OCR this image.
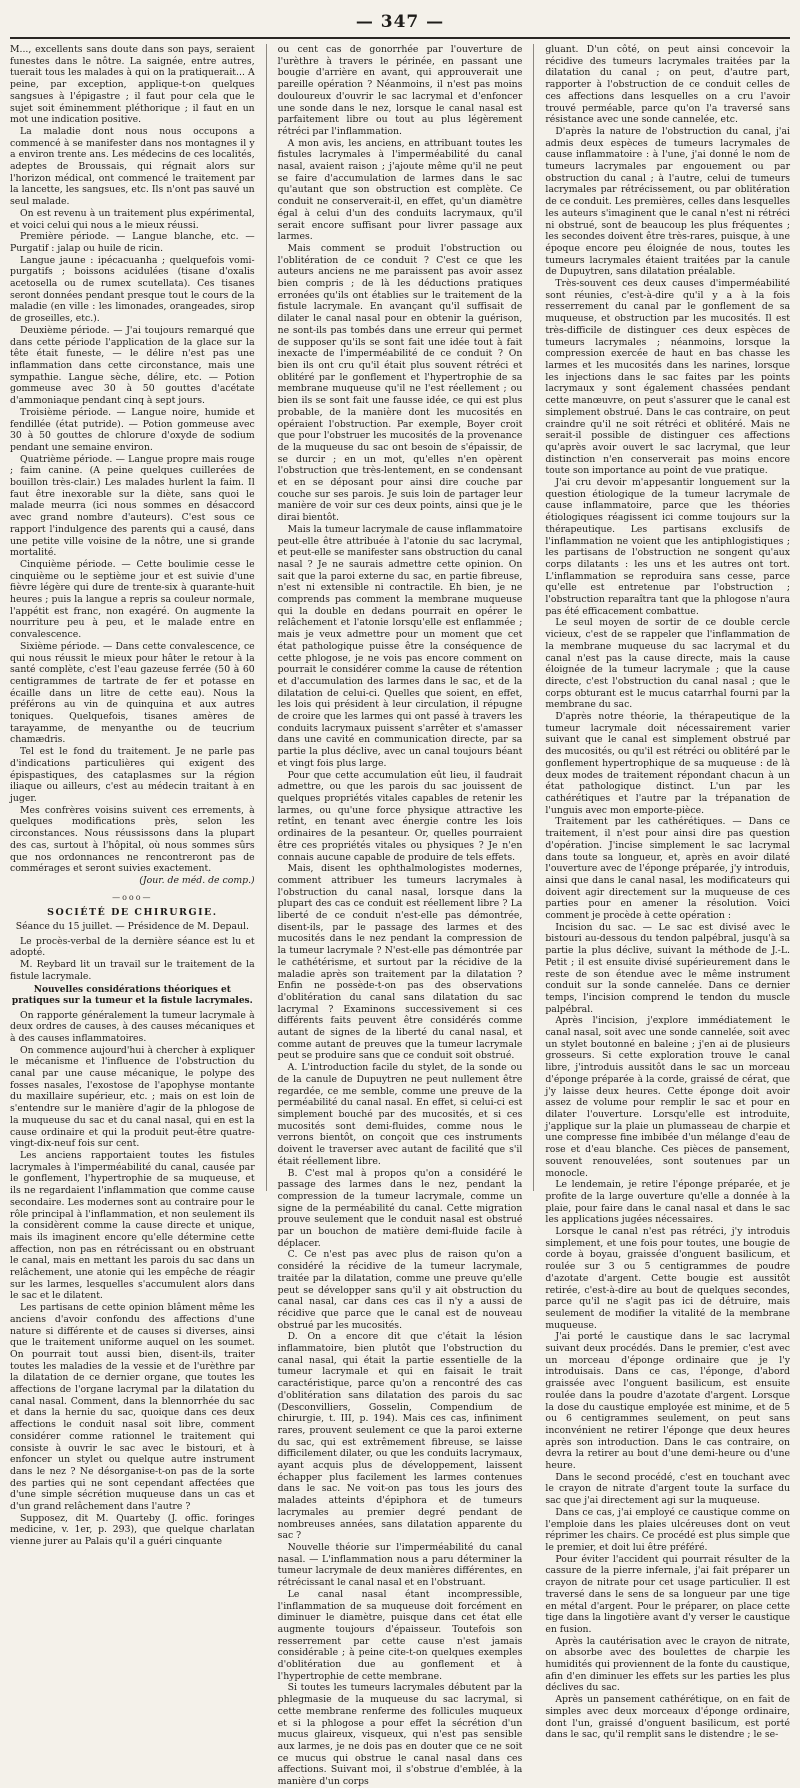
— 347 —

M..., excellents sans doute dans son pays, seraient funestes dans le nôtre. La saignée, entre autres, tuerait tous les malades à qui on la pratiquerait... A peine, par exception, applique-t-on quelques sangsues à l'épigastre ; il faut pour cela que le sujet soit éminemment pléthorique ; il faut en un mot une indication positive.

La maladie dont nous nous occupons a commencé à se manifester dans nos montagnes il y a environ trente ans. Les médecins de ces localités, adeptes de Broussais, qui régnait alors sur l'horizon médical, ont commencé le traitement par la lancette, les sangsues, etc. Ils n'ont pas sauvé un seul malade.

On est revenu à un traitement plus expérimental, et voici celui qui nous a le mieux réussi.

Première période. — Langue blanche, etc. — Purgatif : jalap ou huile de ricin.

Langue jaune : ipécacuanha ; quelquefois vomi-purgatifs ; boissons acidulées (tisane d'oxalis acetosella ou de rumex scutellata). Ces tisanes seront données pendant presque tout le cours de la maladie (en ville : les limonades, orangeades, sirop de groseilles, etc.).

Deuxième période. — J'ai toujours remarqué que dans cette période l'application de la glace sur la tête était funeste, — le délire n'est pas une inflammation dans cette circonstance, mais une sympathie. Langue sèche, délire, etc. — Potion gommeuse avec 30 à 50 gouttes d'acétate d'ammoniaque pendant cinq à sept jours.

Troisième période. — Langue noire, humide et fendillée (état putride). — Potion gommeuse avec 30 à 50 gouttes de chlorure d'oxyde de sodium pendant une semaine environ.

Quatrième période. — Langue propre mais rouge ; faim canine. (A peine quelques cuillerées de bouillon très-clair.) Les malades hurlent la faim. Il faut être inexorable sur la diète, sans quoi le malade meurra (ici nous sommes en désaccord avec grand nombre d'auteurs). C'est sous ce rapport l'indulgence des parents qui a causé, dans une petite ville voisine de la nôtre, une si grande mortalité.

Cinquième période. — Cette boulimie cesse le cinquième ou le septième jour et est suivie d'une fièvre légère qui dure de trente-six à quarante-huit heures ; puis la langue a repris sa couleur normale, l'appétit est franc, non exagéré. On augmente la nourriture peu à peu, et le malade entre en convalescence.

Sixième période. — Dans cette convalescence, ce qui nous réussit le mieux pour hâter le retour à la santé complète, c'est l'eau gazeuse ferrée (50 à 60 centigrammes de tartrate de fer et potasse en écaille dans un litre de cette eau). Nous la préférons au vin de quinquina et aux autres toniques. Quelquefois, tisanes amères de tarayamme, de menyanthe ou de teucrium chamædris.

Tel est le fond du traitement. Je ne parle pas d'indications particulières qui exigent des épispastiques, des cataplasmes sur la région iliaque ou ailleurs, c'est au médecin traitant à en juger.

Mes confrères voisins suivent ces errements, à quelques modifications près, selon les circonstances. Nous réussissons dans la plupart des cas, surtout à l'hôpital, où nous sommes sûrs que nos ordonnances ne rencontreront pas de commérages et seront suivies exactement.

(Jour. de méd. de comp.)
—ooo—
SOCIÉTÉ DE CHIRURGIE.
Séance du 15 juillet. — Présidence de M. Depaul.

Le procès-verbal de la dernière séance est lu et adopté.

M. Reybard lit un travail sur le traitement de la fistule lacrymale.

Nouvelles considérations théoriques et pratiques sur la tumeur et la fistule lacrymales.

On rapporte généralement la tumeur lacrymale à deux ordres de causes, à des causes mécaniques et à des causes inflammatoires.

On commence aujourd'hui à chercher à expliquer le mécanisme et l'influence de l'obstruction du canal par une cause mécanique, le polype des fosses nasales, l'exostose de l'apophyse montante du maxillaire supérieur, etc. ; mais on est loin de s'entendre sur le manière d'agir de la phlogose de la muqueuse du sac et du canal nasal, qui en est la cause ordinaire et qui la produit peut-être quatre-vingt-dix-neuf fois sur cent.

Les anciens rapportaient toutes les fistules lacrymales à l'imperméabilité du canal, causée par le gonflement, l'hypertrophie de sa muqueuse, et ils ne regardaient l'inflammation que comme cause secondaire. Les modernes sont au contraire pour le rôle principal à l'inflammation, et non seulement ils la considèrent comme la cause directe et unique, mais ils imaginent encore qu'elle détermine cette affection, non pas en rétrécissant ou en obstruant le canal, mais en mettant les parois du sac dans un relâchement, une atonie qui les empêche de réagir sur les larmes, lesquelles s'accumulent alors dans le sac et le dilatent.

Les partisans de cette opinion blâment même les anciens d'avoir confondu des affections d'une nature si différente et de causes si diverses, ainsi que le traitement uniforme auquel on les soumet. On pourrait tout aussi bien, disent-ils, traiter toutes les maladies de la vessie et de l'urèthre par la dilatation de ce dernier organe, que toutes les affections de l'organe lacrymal par la dilatation du canal nasal. Comment, dans la blennorrhée du sac et dans la hernie du sac, quoique dans ces deux affections le conduit nasal soit libre, comment considérer comme rationnel le traitement qui consiste à ouvrir le sac avec le bistouri, et à enfoncer un stylet ou quelque autre instrument dans le nez ? Ne désorganise-t-on pas de la sorte des parties qui ne sont cependant affectées que d'une simple sécrétion muqueuse dans un cas et d'un grand relâchement dans l'autre ?

Supposez, dit M. Quarteby (J. offic. foringes medicine, v. 1er, p. 293), que quelque charlatan vienne jurer au Palais qu'il a guéri cinquante

ou cent cas de gonorrhée par l'ouverture de l'urèthre à travers le périnée, en passant une bougie d'arrière en avant, qui approuverait une pareille opération ? Néanmoins, il n'est pas moins douloureux d'ouvrir le sac lacrymal et d'enfoncer une sonde dans le nez, lorsque le canal nasal est parfaitement libre ou tout au plus légèrement rétréci par l'inflammation.

A mon avis, les anciens, en attribuant toutes les fistules lacrymales à l'imperméabilité du canal nasal, avaient raison ; j'ajoute même qu'il ne peut se faire d'accumulation de larmes dans le sac qu'autant que son obstruction est complète. Ce conduit ne conserverait-il, en effet, qu'un diamètre égal à celui d'un des conduits lacrymaux, qu'il serait encore suffisant pour livrer passage aux larmes.

Mais comment se produit l'obstruction ou l'oblitération de ce conduit ? C'est ce que les auteurs anciens ne me paraissent pas avoir assez bien compris ; de là les déductions pratiques erronées qu'ils ont établies sur le traitement de la fistule lacrymale. En avançant qu'il suffisait de dilater le canal nasal pour en obtenir la guérison, ne sont-ils pas tombés dans une erreur qui permet de supposer qu'ils se sont fait une idée tout à fait inexacte de l'imperméabilité de ce conduit ? On bien ils ont cru qu'il était plus souvent rétréci et oblitéré par le gonflement et l'hypertrophie de sa membrane muqueuse qu'il ne l'est réellement ; ou bien ils se sont fait une fausse idée, ce qui est plus probable, de la manière dont les mucosités en opéraient l'obstruction. Par exemple, Boyer croit que pour l'obstruer les mucosités de la provenance de la muqueuse du sac ont besoin de s'épaissir, de se durcir ; en un mot, qu'elles n'en opèrent l'obstruction que très-lentement, en se condensant et en se déposant pour ainsi dire couche par couche sur ses parois. Je suis loin de partager leur manière de voir sur ces deux points, ainsi que je le dirai bientôt.

Mais la tumeur lacrymale de cause inflammatoire peut-elle être attribuée à l'atonie du sac lacrymal, et peut-elle se manifester sans obstruction du canal nasal ? Je ne saurais admettre cette opinion. On sait que la paroi externe du sac, en partie fibreuse, n'est ni extensible ni contractile. Eh bien, je ne comprends pas comment la membrane muqueuse qui la double en dedans pourrait en opérer le relâchement et l'atonie lorsqu'elle est enflammée ; mais je veux admettre pour un moment que cet état pathologique puisse être la conséquence de cette phlogose, je ne vois pas encore comment on pourrait le considérer comme la cause de rétention et d'accumulation des larmes dans le sac, et de la dilatation de celui-ci. Quelles que soient, en effet, les lois qui président à leur circulation, il répugne de croire que les larmes qui ont passé à travers les conduits lacrymaux puissent s'arrêter et s'amasser dans une cavité en communication directe, par sa partie la plus déclive, avec un canal toujours béant et vingt fois plus large.

Pour que cette accumulation eût lieu, il faudrait admettre, ou que les parois du sac jouissent de quelques propriétés vitales capables de retenir les larmes, ou qu'une force physique attractive les retînt, en tenant avec énergie contre les lois ordinaires de la pesanteur. Or, quelles pourraient être ces propriétés vitales ou physiques ? Je n'en connais aucune capable de produire de tels effets.

Mais, disent les ophthalmologistes modernes, comment attribuer les tumeurs lacrymales à l'obstruction du canal nasal, lorsque dans la plupart des cas ce conduit est réellement libre ? La liberté de ce conduit n'est-elle pas démontrée, disent-ils, par le passage des larmes et des mucosités dans le nez pendant la compression de la tumeur lacrymale ? N'est-elle pas démontrée par le cathétérisme, et surtout par la récidive de la maladie après son traitement par la dilatation ? Enfin ne possède-t-on pas des observations d'oblitération du canal sans dilatation du sac lacrymal ? Examinons successivement si ces différents faits peuvent être considérés comme autant de signes de la liberté du canal nasal, et comme autant de preuves que la tumeur lacrymale peut se produire sans que ce conduit soit obstrué.

A. L'introduction facile du stylet, de la sonde ou de la canule de Dupuytren ne peut nullement être regardée, ce me semble, comme une preuve de la perméabilité du canal nasal. En effet, si celui-ci est simplement bouché par des mucosités, et si ces mucosités sont demi-fluides, comme nous le verrons bientôt, on conçoit que ces instruments doivent le traverser avec autant de facilité que s'il était réellement libre.

B. C'est mal à propos qu'on a considéré le passage des larmes dans le nez, pendant la compression de la tumeur lacrymale, comme un signe de la perméabilité du canal. Cette migration prouve seulement que le conduit nasal est obstrué par un bouchon de matière demi-fluide facile à déplacer.

C. Ce n'est pas avec plus de raison qu'on a considéré la récidive de la tumeur lacrymale, traitée par la dilatation, comme une preuve qu'elle peut se développer sans qu'il y ait obstruction du canal nasal, car dans ces cas il n'y a aussi de récidive que parce que le canal est de nouveau obstrué par les mucosités.

D. On a encore dit que c'était la lésion inflammatoire, bien plutôt que l'obstruction du canal nasal, qui était la partie essentielle de la tumeur lacrymale et qui en faisait le trait caractéristique, parce qu'on a rencontré des cas d'oblitération sans dilatation des parois du sac (Desconvilliers, Gosselin, Compendium de chirurgie, t. III, p. 194). Mais ces cas, infiniment rares, prouvent seulement ce que la paroi externe du sac, qui est extrêmement fibreuse, se laisse difficilement dilater, ou que les conduits lacrymaux, ayant acquis plus de développement, laissent échapper plus facilement les larmes contenues dans le sac. Ne voit-on pas tous les jours des malades atteints d'épiphora et de tumeurs lacrymales au premier degré pendant de nombreuses années, sans dilatation apparente du sac ?

Nouvelle théorie sur l'imperméabilité du canal nasal. — L'inflammation nous a paru déterminer la tumeur lacrymale de deux manières différentes, en rétrécissant le canal nasal et en l'obstruant.

Le canal nasal étant incompressible, l'inflammation de sa muqueuse doit forcément en diminuer le diamètre, puisque dans cet état elle augmente toujours d'épaisseur. Toutefois son resserrement par cette cause n'est jamais considérable ; à peine cite-t-on quelques exemples d'oblitération due au gonflement et à l'hypertrophie de cette membrane.

Si toutes les tumeurs lacrymales débutent par la phlegmasie de la muqueuse du sac lacrymal, si cette membrane renferme des follicules muqueux et si la phlogose a pour effet la sécrétion d'un mucus glaireux, visqueux, qui n'est pas sensible aux larmes, je ne dois pas en douter que ce ne soit ce mucus qui obstrue le canal nasal dans ces affections. Suivant moi, il s'obstrue d'emblée, à la manière d'un corps

gluant. D'un côté, on peut ainsi concevoir la récidive des tumeurs lacrymales traitées par la dilatation du canal ; on peut, d'autre part, rapporter à l'obstruction de ce conduit celles de ces affections dans lesquelles on a cru l'avoir trouvé perméable, parce qu'on l'a traversé sans résistance avec une sonde cannelée, etc.

D'après la nature de l'obstruction du canal, j'ai admis deux espèces de tumeurs lacrymales de cause inflammatoire : à l'une, j'ai donné le nom de tumeurs lacrymales par engouement ou par obstruction du canal ; à l'autre, celui de tumeurs lacrymales par rétrécissement, ou par oblitération de ce conduit. Les premières, celles dans lesquelles les auteurs s'imaginent que le canal n'est ni rétréci ni obstrué, sont de beaucoup les plus fréquentes ; les secondes doivent être très-rares, puisque, à une époque encore peu éloignée de nous, toutes les tumeurs lacrymales étaient traitées par la canule de Dupuytren, sans dilatation préalable.

Très-souvent ces deux causes d'imperméabilité sont réunies, c'est-à-dire qu'il y a à la fois resserrement du canal par le gonflement de sa muqueuse, et obstruction par les mucosités. Il est très-difficile de distinguer ces deux espèces de tumeurs lacrymales ; néanmoins, lorsque la compression exercée de haut en bas chasse les larmes et les mucosités dans les narines, lorsque les injections dans le sac faites par les points lacrymaux y sont également chassées pendant cette manœuvre, on peut s'assurer que le canal est simplement obstrué. Dans le cas contraire, on peut craindre qu'il ne soit rétréci et oblitéré. Mais ne serait-il possible de distinguer ces affections qu'après avoir ouvert le sac lacrymal, que leur distinction n'en conserverait pas moins encore toute son importance au point de vue pratique.

J'ai cru devoir m'appesantir longuement sur la question étiologique de la tumeur lacrymale de cause inflammatoire, parce que les théories étiologiques réagissent ici comme toujours sur la thérapeutique. Les partisans exclusifs de l'inflammation ne voient que les antiphlogistiques ; les partisans de l'obstruction ne songent qu'aux corps dilatants : les uns et les autres ont tort. L'inflammation se reproduira sans cesse, parce qu'elle est entretenue par l'obstruction ; l'obstruction reparaîtra tant que la phlogose n'aura pas été efficacement combattue.

Le seul moyen de sortir de ce double cercle vicieux, c'est de se rappeler que l'inflammation de la membrane muqueuse du sac lacrymal et du canal n'est pas la cause directe, mais la cause éloignée de la tumeur lacrymale ; que la cause directe, c'est l'obstruction du canal nasal ; que le corps obturant est le mucus catarrhal fourni par la membrane du sac.

D'après notre théorie, la thérapeutique de la tumeur lacrymale doit nécessairement varier suivant que le canal est simplement obstrué par des mucosités, ou qu'il est rétréci ou oblitéré par le gonflement hypertrophique de sa muqueuse : de là deux modes de traitement répondant chacun à un état pathologique distinct. L'un par les cathérétiques et l'autre par la trépanation de l'unguis avec mon emporte-pièce.

Traitement par les cathérétiques. — Dans ce traitement, il n'est pour ainsi dire pas question d'opération. J'incise simplement le sac lacrymal dans toute sa longueur, et, après en avoir dilaté l'ouverture avec de l'éponge préparée, j'y introduis, ainsi que dans le canal nasal, les modificateurs qui doivent agir directement sur la muqueuse de ces parties pour en amener la résolution. Voici comment je procède à cette opération :

Incision du sac. — Le sac est divisé avec le bistouri au-dessous du tendon palpébral, jusqu'à sa partie la plus déclive, suivant la méthode de J.-L. Petit ; il est ensuite divisé supérieurement dans le reste de son étendue avec le même instrument conduit sur la sonde cannelée. Dans ce dernier temps, l'incision comprend le tendon du muscle palpébral.

Après l'incision, j'explore immédiatement le canal nasal, soit avec une sonde cannelée, soit avec un stylet boutonné en baleine ; j'en ai de plusieurs grosseurs. Si cette exploration trouve le canal libre, j'introduis aussitôt dans le sac un morceau d'éponge préparée à la corde, graissé de cérat, que j'y laisse deux heures. Cette éponge doit avoir assez de volume pour remplir le sac et pour en dilater l'ouverture. Lorsqu'elle est introduite, j'applique sur la plaie un plumasseau de charpie et une compresse fine imbibée d'un mélange d'eau de rose et d'eau blanche. Ces pièces de pansement, souvent renouvelées, sont soutenues par un monocle.

Le lendemain, je retire l'éponge préparée, et je profite de la large ouverture qu'elle a donnée à la plaie, pour faire dans le canal nasal et dans le sac les applications jugées nécessaires.

Lorsque le canal n'est pas rétréci, j'y introduis simplement, et une fois pour toutes, une bougie de corde à boyau, graissée d'onguent basilicum, et roulée sur 3 ou 5 centigrammes de poudre d'azotate d'argent. Cette bougie est aussitôt retirée, c'est-à-dire au bout de quelques secondes, parce qu'il ne s'agit pas ici de détruire, mais seulement de modifier la vitalité de la membrane muqueuse.

J'ai porté le caustique dans le sac lacrymal suivant deux procédés. Dans le premier, c'est avec un morceau d'éponge ordinaire que je l'y introduisais. Dans ce cas, l'éponge, d'abord graissée avec l'onguent basilicum, est ensuite roulée dans la poudre d'azotate d'argent. Lorsque la dose du caustique employée est minime, et de 5 ou 6 centigrammes seulement, on peut sans inconvénient ne retirer l'éponge que deux heures après son introduction. Dans le cas contraire, on devra la retirer au bout d'une demi-heure ou d'une heure.

Dans le second procédé, c'est en touchant avec le crayon de nitrate d'argent toute la surface du sac que j'ai directement agi sur la muqueuse.

Dans ce cas, j'ai employé ce caustique comme on l'emploie dans les plaies ulcéreuses dont on veut réprimer les chairs. Ce procédé est plus simple que le premier, et doit lui être préféré.

Pour éviter l'accident qui pourrait résulter de la cassure de la pierre infernale, j'ai fait préparer un crayon de nitrate pour cet usage particulier. Il est traversé dans le sens de sa longueur par une tige en métal d'argent. Pour le préparer, on place cette tige dans la lingotière avant d'y verser le caustique en fusion.

Après la cautérisation avec le crayon de nitrate, on absorbe avec des boulettes de charpie les humidités qui proviennent de la fonte du caustique, afin d'en diminuer les effets sur les parties les plus déclives du sac.

Après un pansement cathérétique, on en fait de simples avec deux morceaux d'éponge ordinaire, dont l'un, graissé d'onguent basilicum, est porté dans le sac, qu'il remplit sans le distendre ; le se-
